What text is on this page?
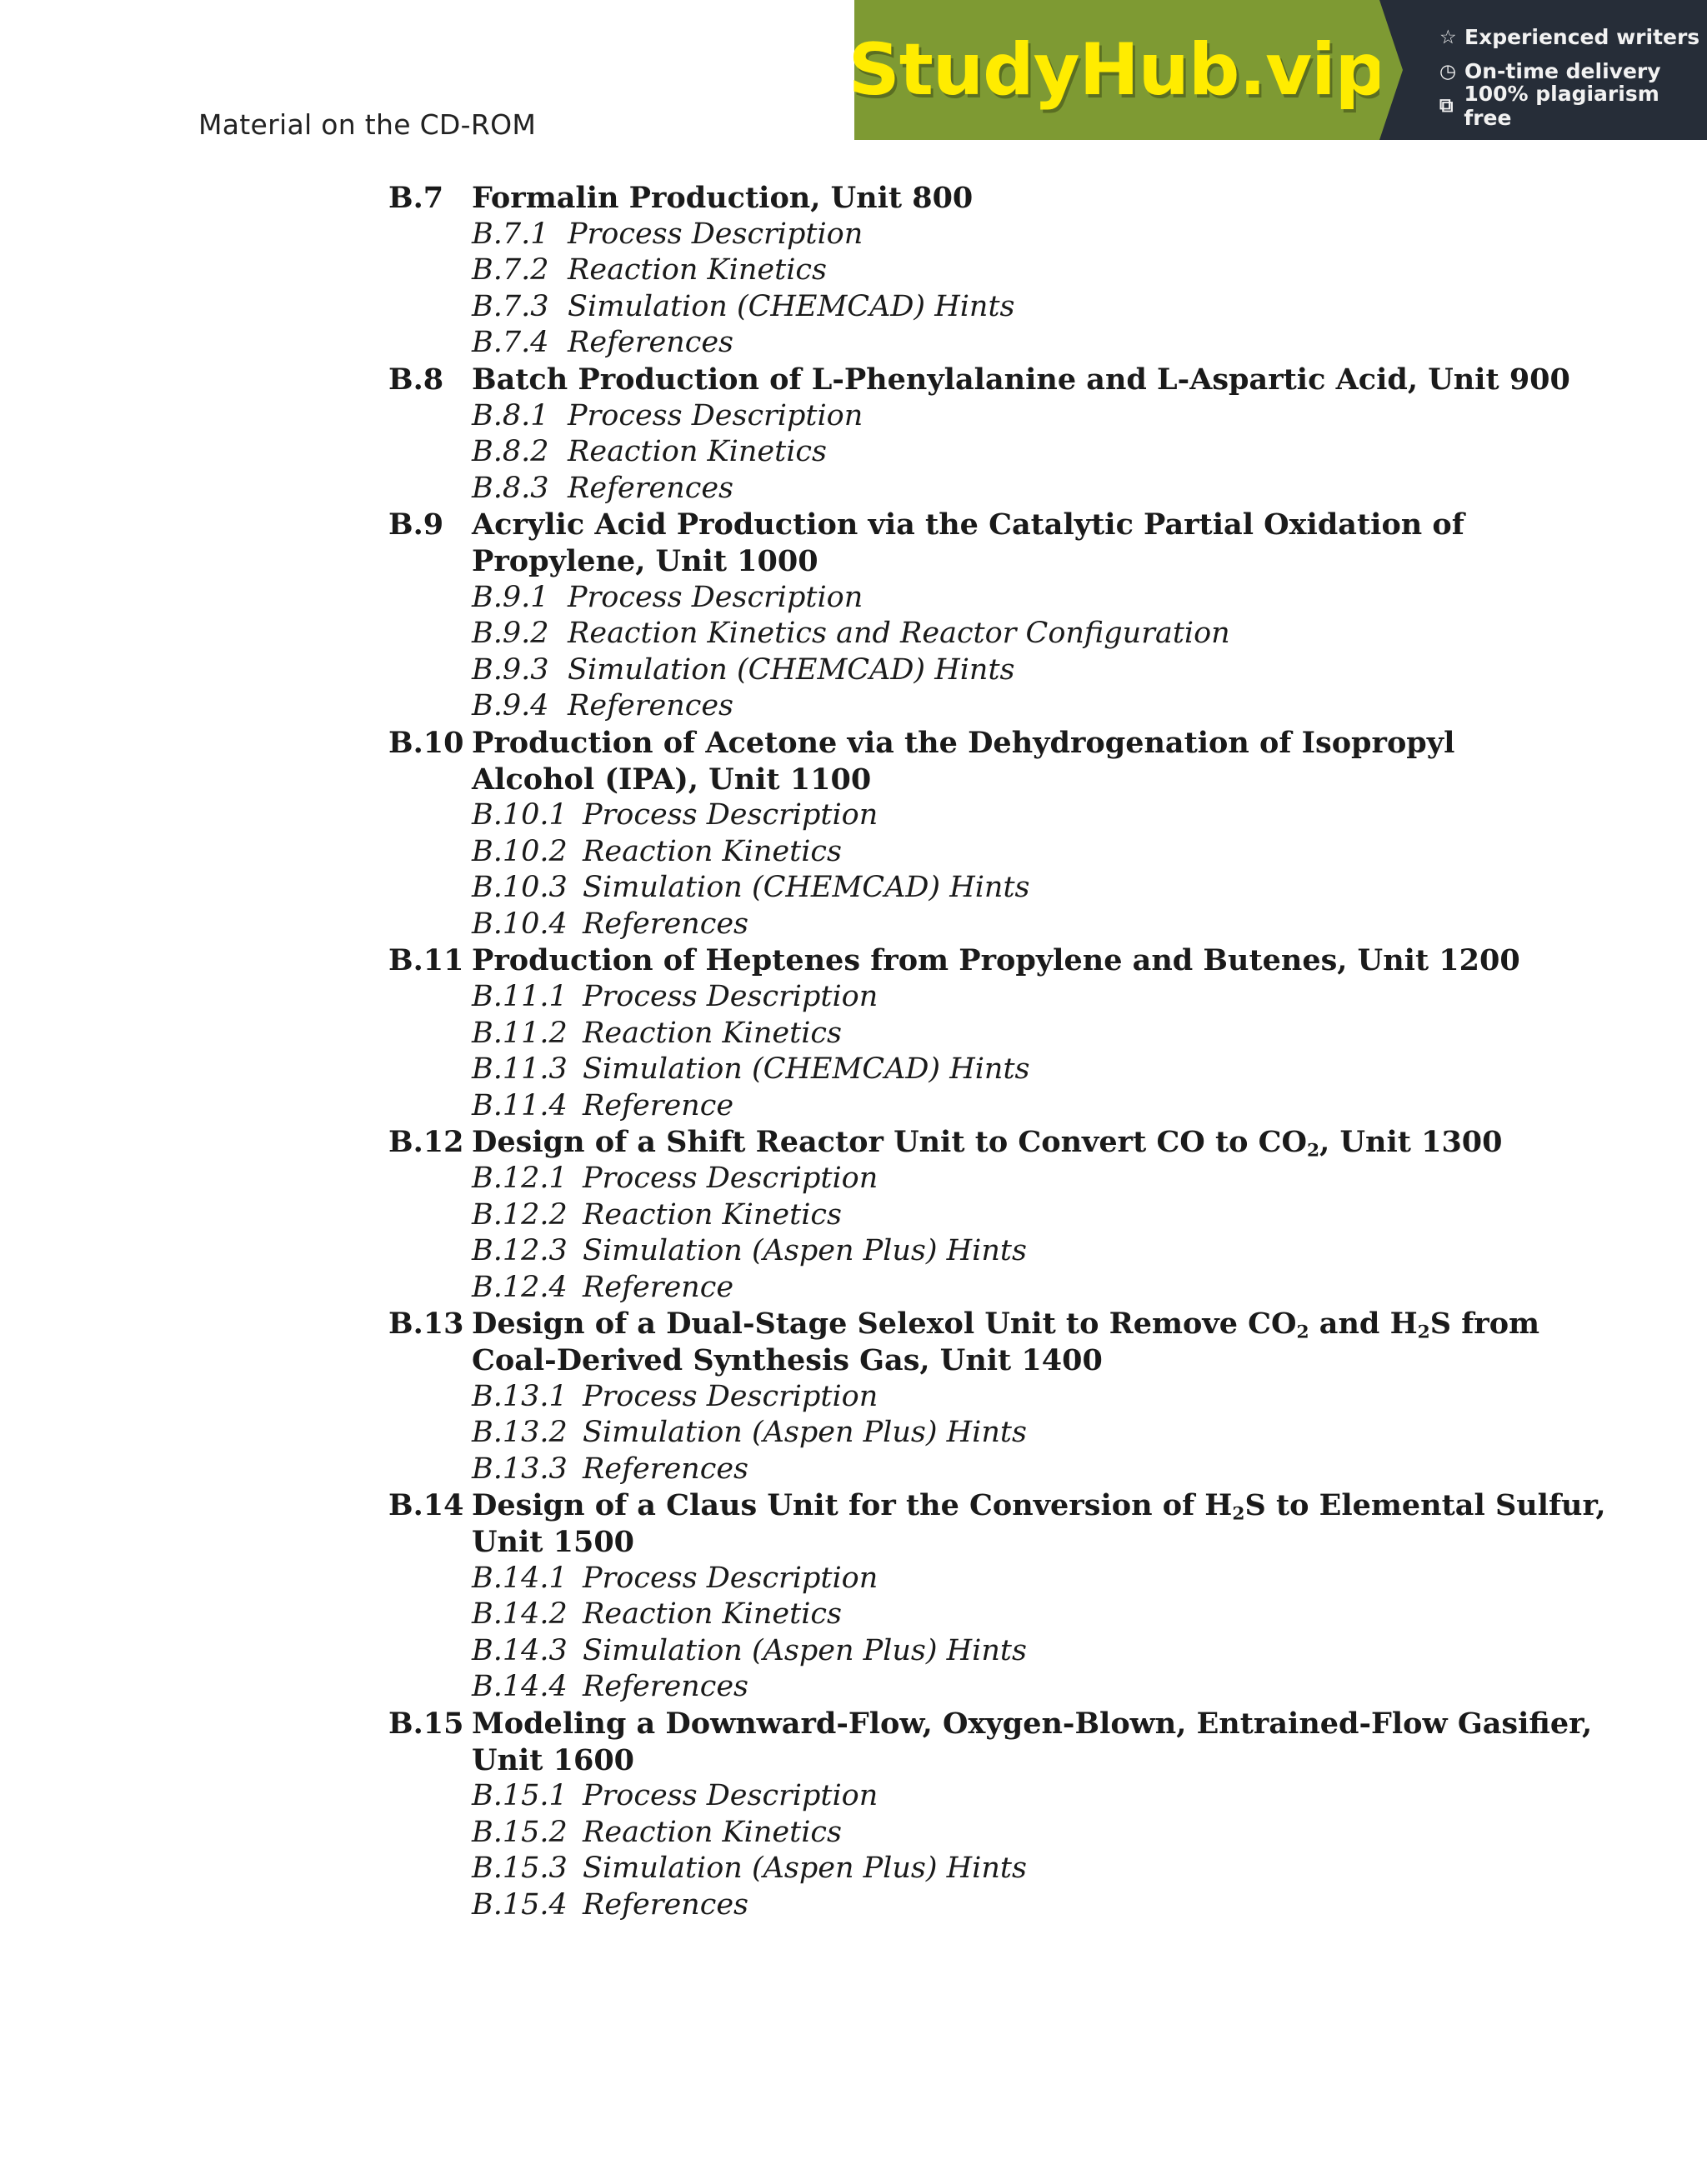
Material on the CD-ROM
StudyHub.vip	☆ Experienced writers
◷ On-time delivery
⧉ 100% plagiarism free
B.7 Formalin Production, Unit 800
B.7.1 Process Description
B.7.2 Reaction Kinetics
B.7.3 Simulation (CHEMCAD) Hints
B.7.4 References
B.8 Batch Production of L-Phenylalanine and L-Aspartic Acid, Unit 900
B.8.1 Process Description
B.8.2 Reaction Kinetics
B.8.3 References
B.9 Acrylic Acid Production via the Catalytic Partial Oxidation of
Propylene, Unit 1000
B.9.1 Process Description
B.9.2 Reaction Kinetics and Reactor Configuration
B.9.3 Simulation (CHEMCAD) Hints
B.9.4 References
B.10 Production of Acetone via the Dehydrogenation of Isopropyl
Alcohol (IPA), Unit 1100
B.10.1 Process Description
B.10.2 Reaction Kinetics
B.10.3 Simulation (CHEMCAD) Hints
B.10.4 References
B.11 Production of Heptenes from Propylene and Butenes, Unit 1200
B.11.1 Process Description
B.11.2 Reaction Kinetics
B.11.3 Simulation (CHEMCAD) Hints
B.11.4 Reference
B.12 Design of a Shift Reactor Unit to Convert CO to $CO_2$, Unit 1300
B.12.1 Process Description
B.12.2 Reaction Kinetics
B.12.3 Simulation (Aspen Plus) Hints
B.12.4 Reference
B.13 Design of a Dual-Stage Selexol Unit to Remove $CO_2$ and $H_2S$ from
Coal-Derived Synthesis Gas, Unit 1400
B.13.1 Process Description
B.13.2 Simulation (Aspen Plus) Hints
B.13.3 References
B.14 Design of a Claus Unit for the Conversion of $H_2S$ to Elemental Sulfur,
Unit 1500
B.14.1 Process Description
B.14.2 Reaction Kinetics
B.14.3 Simulation (Aspen Plus) Hints
B.14.4 References
B.15 Modeling a Downward-Flow, Oxygen-Blown, Entrained-Flow Gasifier,
Unit 1600
B.15.1 Process Description
B.15.2 Reaction Kinetics
B.15.3 Simulation (Aspen Plus) Hints
B.15.4 References
